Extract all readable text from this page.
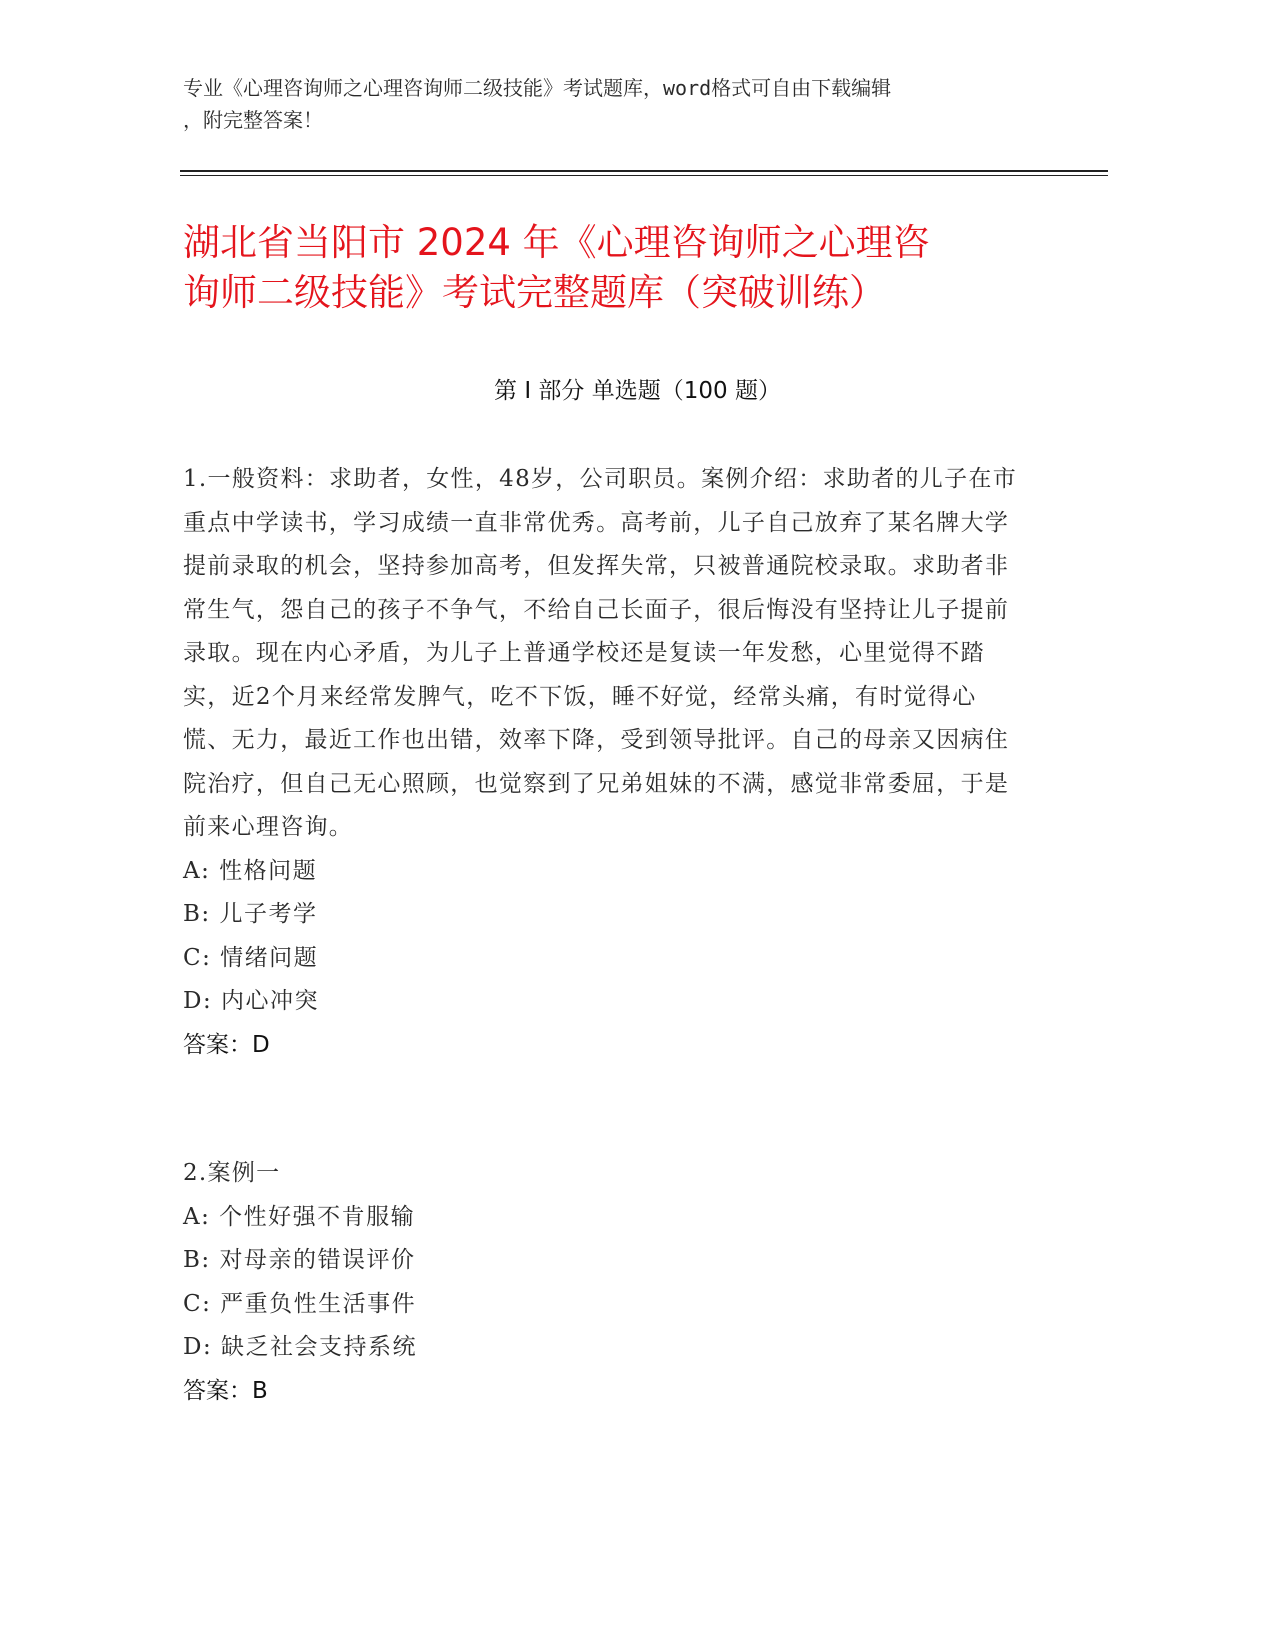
专业《心理咨询师之心理咨询师二级技能》考试题库，word格式可自由下载编辑
，附完整答案！
湖北省当阳市 2024 年《心理咨询师之心理咨
询师二级技能》考试完整题库（突破训练）
第 I 部分 单选题（100 题）
1.一般资料：求助者，女性，48岁，公司职员。案例介绍：求助者的儿子在市重点中学读书，学习成绩一直非常优秀。高考前，儿子自己放弃了某名牌大学提前录取的机会，坚持参加高考，但发挥失常，只被普通院校录取。求助者非常生气，怨自己的孩子不争气，不给自己长面子，很后悔没有坚持让儿子提前录取。现在内心矛盾，为儿子上普通学校还是复读一年发愁，心里觉得不踏实，近2个月来经常发脾气，吃不下饭，睡不好觉，经常头痛，有时觉得心慌、无力，最近工作也出错，效率下降，受到领导批评。自己的母亲又因病住院治疗，但自己无心照顾，也觉察到了兄弟姐妹的不满，感觉非常委屈，于是前来心理咨询。
A: 性格问题
B: 儿子考学
C: 情绪问题
D: 内心冲突
答案：D
2.案例一
A: 个性好强不肯服输
B: 对母亲的错误评价
C: 严重负性生活事件
D: 缺乏社会支持系统
答案：B
